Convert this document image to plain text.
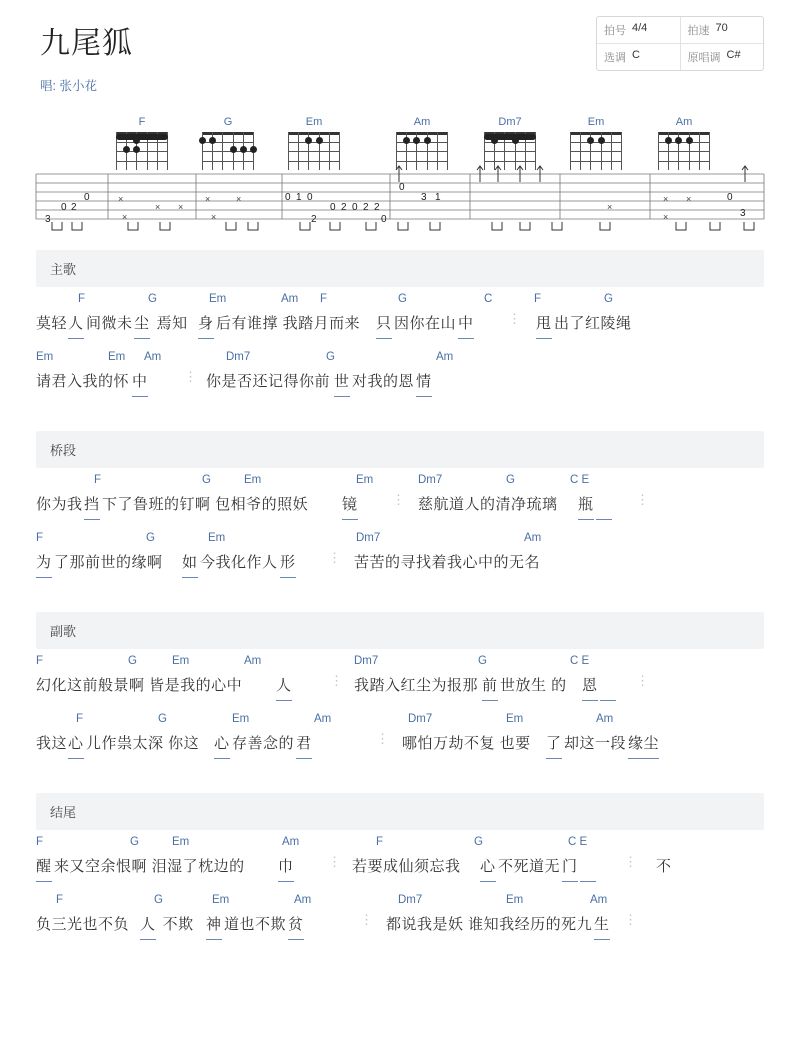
九尾狐
唱: 张小花
拍号 4/4	拍速 70
选调 C	原唱调 C#
F	G	Em	Am	Dm7	Em	Am
0
0 2
3
0 1 0
0 2 0 2 2
2	0
0
3 1	0
3
×
× ×
×	×
×	×
×
× ×
×
主歌
F	G	Em	Am F	G	C	F	G
莫轻 人 间微未 尘 焉知 身 后有谁撑 我踏月而来 只 因你在山 中	甩 出了红陵绳
⋮
Em	Em Am	Dm7	G	Am
请君入我的怀 中	你是否还记得你前 世 对我的恩 情
⋮
桥段
F	G	Em	Em	Dm7	G	C E
你为我 挡 下了鲁班的钉啊 包相爷的照妖 镜	慈航道人的清净琉璃 瓶

⋮
⋮
F	G	Em	Dm7	Am
为 了那前世的缘啊 如 今我化作人 形	苦苦的寻找着我心中的无名
⋮
副歌
F	G	Em	Am	Dm7	G	C E
幻化这前般景啊 皆是我的心中 人	我踏入红尘为报那 前 世放生 的 恩

⋮
⋮
F	G	Em	Am	Dm7	Em	Am
我这 心 儿作祟太深 你这 心 存善念的 君	哪怕万劫不复 也要 了 却这一段 缘尘
⋮
结尾
F	G	Em	Am	F	G	C E
醒 来又空余恨啊 泪湿了枕边的 巾	若要成仙须忘我 心 不死道无 门
　	不
⋮
⋮
F	G	Em	Am	Dm7	Em	Am
负三光也不负 人 不欺 神 道也不欺 贫	都说我是妖 谁知我经历的死九 生
⋮
⋮
